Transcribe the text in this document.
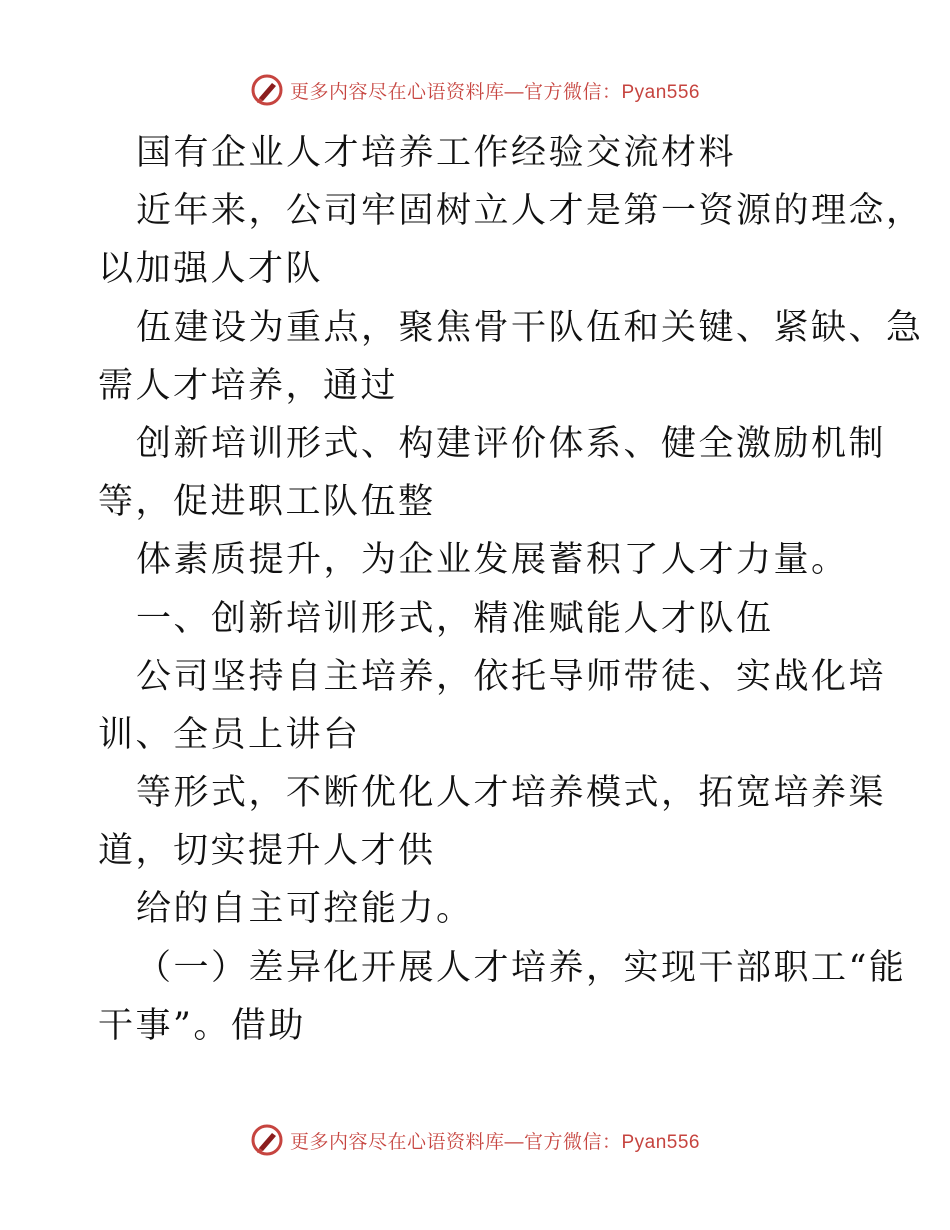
更多内容尽在心语资料库—官方微信：Pyan556
国有企业人才培养工作经验交流材料
近年来，公司牢固树立人才是第一资源的理念，
以加强人才队
伍建设为重点，聚焦骨干队伍和关键、紧缺、急
需人才培养，通过
创新培训形式、构建评价体系、健全激励机制
等，促进职工队伍整
体素质提升，为企业发展蓄积了人才力量。
一、创新培训形式，精准赋能人才队伍
公司坚持自主培养，依托导师带徒、实战化培
训、全员上讲台
等形式，不断优化人才培养模式，拓宽培养渠
道，切实提升人才供
给的自主可控能力。
（一）差异化开展人才培养，实现干部职工“能
干事”。借助
更多内容尽在心语资料库—官方微信：Pyan556
